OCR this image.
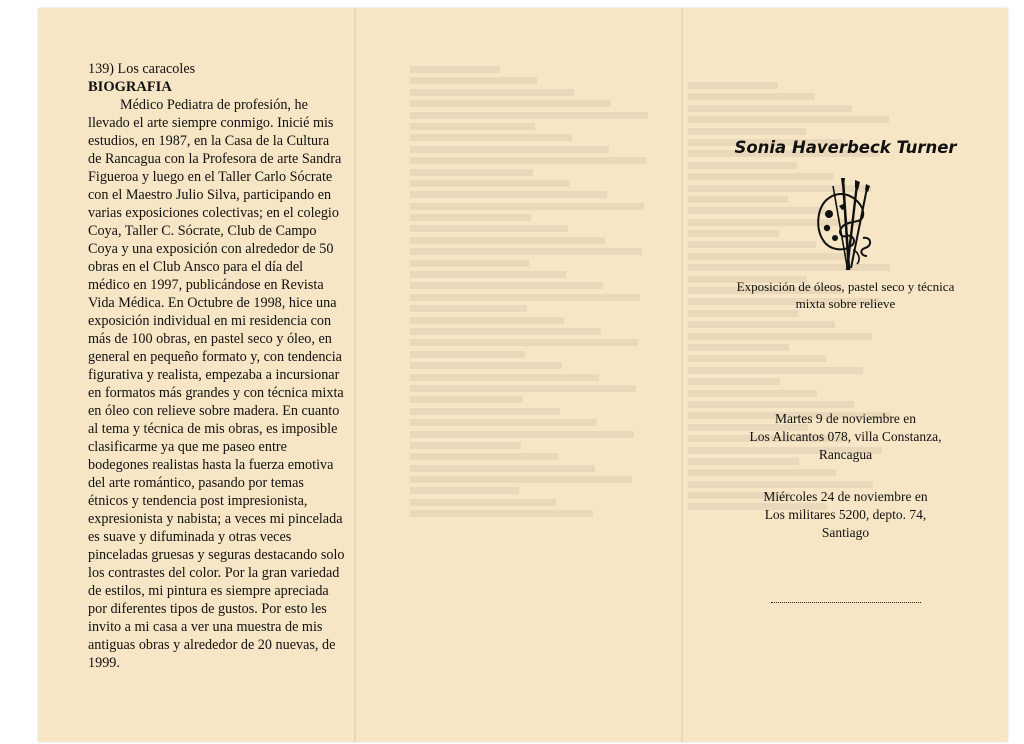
139) Los caracoles

BIOGRAFIA

Médico Pediatra de profesión, he llevado el arte siempre conmigo. Inicié mis estudios, en 1987, en la Casa de la Cultura de Rancagua con la Profesora de arte Sandra Figueroa y luego en el Taller Carlo Sócrate con el Maestro Julio Silva, participando en varias exposiciones colectivas; en el colegio Coya, Taller C. Sócrate, Club de Campo Coya y una exposición con alrededor de 50 obras en el Club Ansco para el día del médico en 1997, publicándose en Revista Vida Médica. En Octubre de 1998, hice una exposición individual en mi residencia con más de 100 obras, en pastel seco y óleo, en general en pequeño formato y, con tendencia figurativa y realista, empezaba a incursionar en formatos más grandes y con técnica mixta en óleo con relieve sobre madera. En cuanto al tema y técnica de mis obras, es imposible clasificarme ya que me paseo entre bodegones realistas hasta la fuerza emotiva del arte romántico, pasando por temas étnicos y tendencia post impresionista, expresionista y nabista; a veces mi pincelada es suave y difuminada y otras veces pinceladas gruesas y seguras destacando solo los contrastes del color. Por la gran variedad de estilos, mi pintura es siempre apreciada por diferentes tipos de gustos. Por esto les invito a mi casa a ver una muestra de mis antiguas obras y alrededor de 20 nuevas, de 1999.

Sonia Haverbeck Turner
Exposición de óleos, pastel seco y técnica
mixta sobre relieve

Martes 9 de noviembre en

Los Alicantos 078, villa Constanza,

Rancagua

Miércoles 24 de noviembre en

Los militares 5200, depto. 74,

Santiago
